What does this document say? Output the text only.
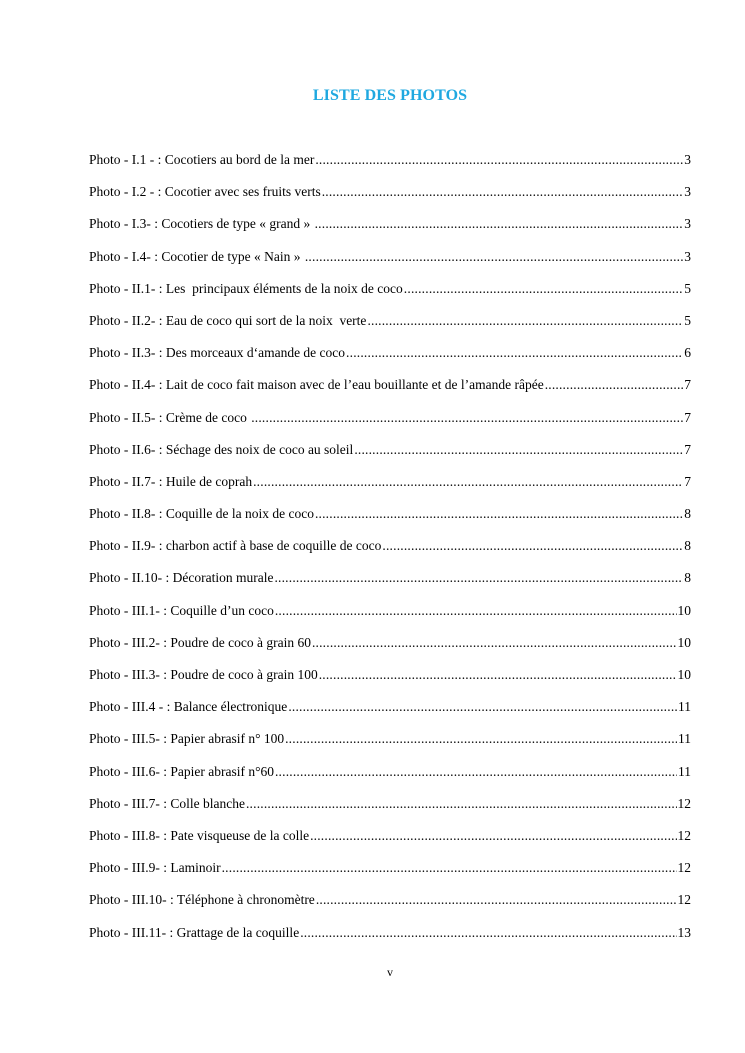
LISTE DES PHOTOS
Photo - I.1 - : Cocotiers au bord de la mer .....	3
Photo - I.2 - : Cocotier avec ses fruits verts .....	3
Photo - I.3- : Cocotiers de type « grand » .....	3
Photo - I.4- : Cocotier de type « Nain » .....	3
Photo - II.1- : Les  principaux éléments de la noix de coco .....	5
Photo - II.2- : Eau de coco qui sort de la noix  verte .....	5
Photo - II.3- : Des morceaux d‘amande de coco .....	6
Photo - II.4- : Lait de coco fait maison avec de l’eau bouillante et de l’amande râpée .....	7
Photo - II.5- : Crème de coco .....	7
Photo - II.6- : Séchage des noix de coco au soleil .....	7
Photo - II.7- : Huile de coprah .....	7
Photo - II.8- : Coquille de la noix de coco .....	8
Photo - II.9- : charbon actif à base de coquille de coco .....	8
Photo - II.10- : Décoration murale .....	8
Photo - III.1- : Coquille d’un coco .....	10
Photo - III.2- : Poudre de coco à grain 60 .....	10
Photo - III.3- : Poudre de coco à grain 100 .....	10
Photo - III.4 - : Balance électronique .....	11
Photo - III.5- : Papier abrasif n° 100 .....	11
Photo - III.6- : Papier abrasif n°60 .....	11
Photo - III.7- : Colle blanche .....	12
Photo - III.8- : Pate visqueuse de la colle .....	12
Photo - III.9- : Laminoir .....	12
Photo - III.10- : Téléphone à chronomètre .....	12
Photo - III.11- : Grattage de la coquille .....	13
v
